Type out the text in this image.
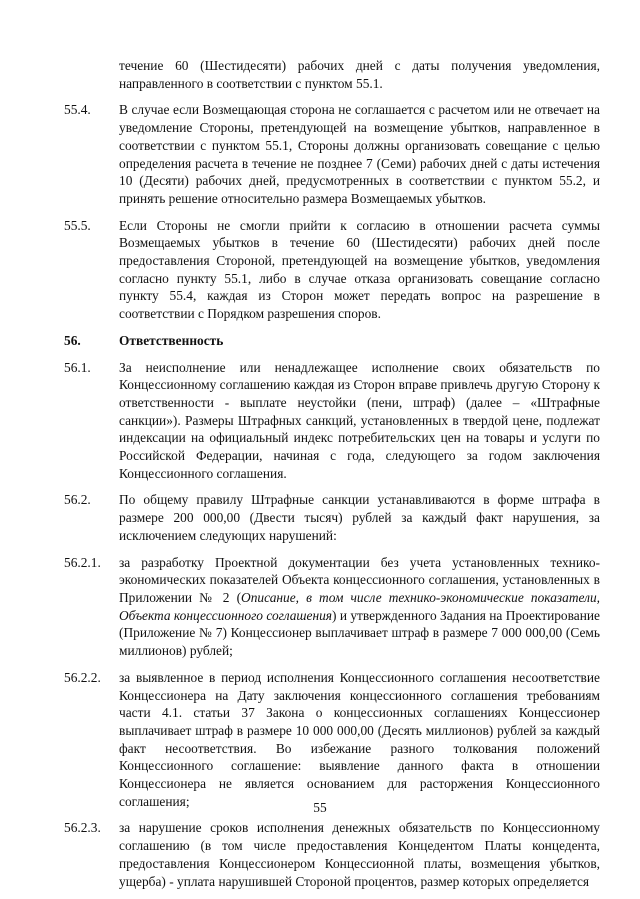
течение 60 (Шестидесяти) рабочих дней с даты получения уведомления, направленного в соответствии с пунктом 55.1.
55.4.	В случае если Возмещающая сторона не соглашается с расчетом или не отвечает на уведомление Стороны, претендующей на возмещение убытков, направленное в соответствии с пунктом 55.1, Стороны должны организовать совещание с целью определения расчета в течение не позднее 7 (Семи) рабочих дней с даты истечения 10 (Десяти) рабочих дней, предусмотренных в соответствии с пунктом 55.2, и принять решение относительно размера Возмещаемых убытков.
55.5.	Если Стороны не смогли прийти к согласию в отношении расчета суммы Возмещаемых убытков в течение 60 (Шестидесяти) рабочих дней после предоставления Стороной, претендующей на возмещение убытков, уведомления согласно пункту 55.1, либо в случае отказа организовать совещание согласно пункту 55.4, каждая из Сторон может передать вопрос на разрешение в соответствии с Порядком разрешения споров.
56.	Ответственность
56.1.	За неисполнение или ненадлежащее исполнение своих обязательств по Концессионному соглашению каждая из Сторон вправе привлечь другую Сторону к ответственности - выплате неустойки (пени, штраф) (далее – «Штрафные санкции»). Размеры Штрафных санкций, установленных в твердой цене, подлежат индексации на официальный индекс потребительских цен на товары и услуги по Российской Федерации, начиная с года, следующего за годом заключения Концессионного соглашения.
56.2.	По общему правилу Штрафные санкции устанавливаются в форме штрафа в размере 200 000,00 (Двести тысяч) рублей за каждый факт нарушения, за исключением следующих нарушений:
56.2.1.	за разработку Проектной документации без учета установленных технико-экономических показателей Объекта концессионного соглашения, установленных в Приложении № 2 (Описание, в том числе технико-экономические показатели, Объекта концессионного соглашения) и утвержденного Задания на Проектирование (Приложение № 7) Концессионер выплачивает штраф в размере 7 000 000,00 (Семь миллионов) рублей;
56.2.2.	за выявленное в период исполнения Концессионного соглашения несоответствие Концессионера на Дату заключения концессионного соглашения требованиям части 4.1. статьи 37 Закона о концессионных соглашениях Концессионер выплачивает штраф в размере 10 000 000,00 (Десять миллионов) рублей за каждый факт несоответствия. Во избежание разного толкования положений Концессионного соглашение: выявление данного факта в отношении Концессионера не является основанием для расторжения Концессионного соглашения;
56.2.3.	за нарушение сроков исполнения денежных обязательств по Концессионному соглашению (в том числе предоставления Концедентом Платы концедента, предоставления Концессионером Концессионной платы, возмещения убытков, ущерба) - уплата нарушившей Стороной процентов, размер которых определяется
55
